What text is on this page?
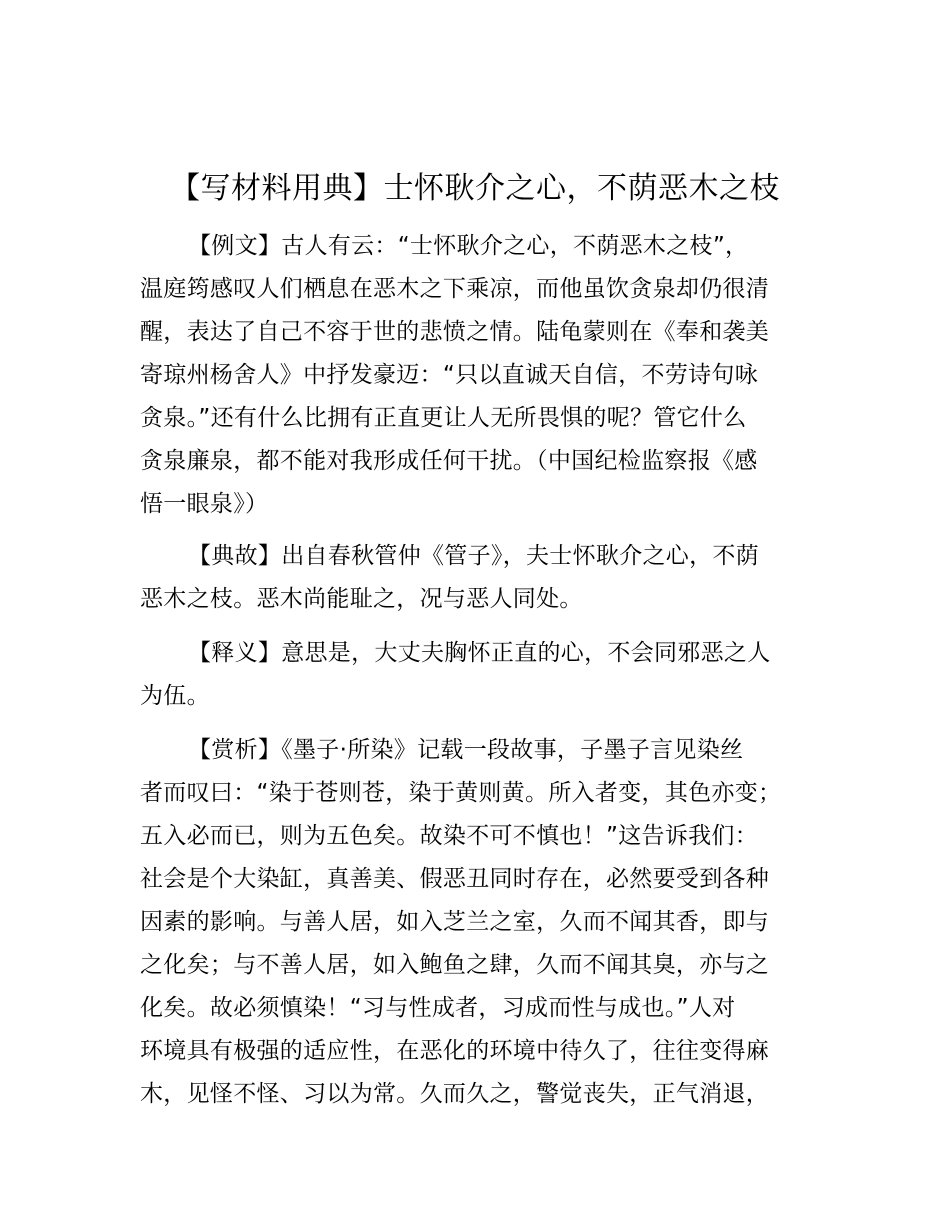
【写材料用典】士怀耿介之心，不荫恶木之枝
【例文】古人有云：“士怀耿介之心，不荫恶木之枝”，
温庭筠感叹人们栖息在恶木之下乘凉，而他虽饮贪泉却仍很清
醒，表达了自己不容于世的悲愤之情。陆龟蒙则在《奉和袭美
寄琼州杨舍人》中抒发豪迈：“只以直诚天自信，不劳诗句咏
贪泉。”还有什么比拥有正直更让人无所畏惧的呢？管它什么
贪泉廉泉，都不能对我形成任何干扰。（中国纪检监察报《感
悟一眼泉》）
【典故】出自春秋管仲《管子》，夫士怀耿介之心，不荫
恶木之枝。恶木尚能耻之，况与恶人同处。
【释义】意思是，大丈夫胸怀正直的心，不会同邪恶之人
为伍。
【赏析】《墨子·所染》记载一段故事，子墨子言见染丝
者而叹曰：“染于苍则苍，染于黄则黄。所入者变，其色亦变；
五入必而已，则为五色矣。故染不可不慎也！”这告诉我们：
社会是个大染缸，真善美、假恶丑同时存在，必然要受到各种
因素的影响。与善人居，如入芝兰之室，久而不闻其香，即与
之化矣；与不善人居，如入鲍鱼之肆，久而不闻其臭，亦与之
化矣。故必须慎染！“习与性成者，习成而性与成也。”人对
环境具有极强的适应性，在恶化的环境中待久了，往往变得麻
木，见怪不怪、习以为常。久而久之，警觉丧失，正气消退，
